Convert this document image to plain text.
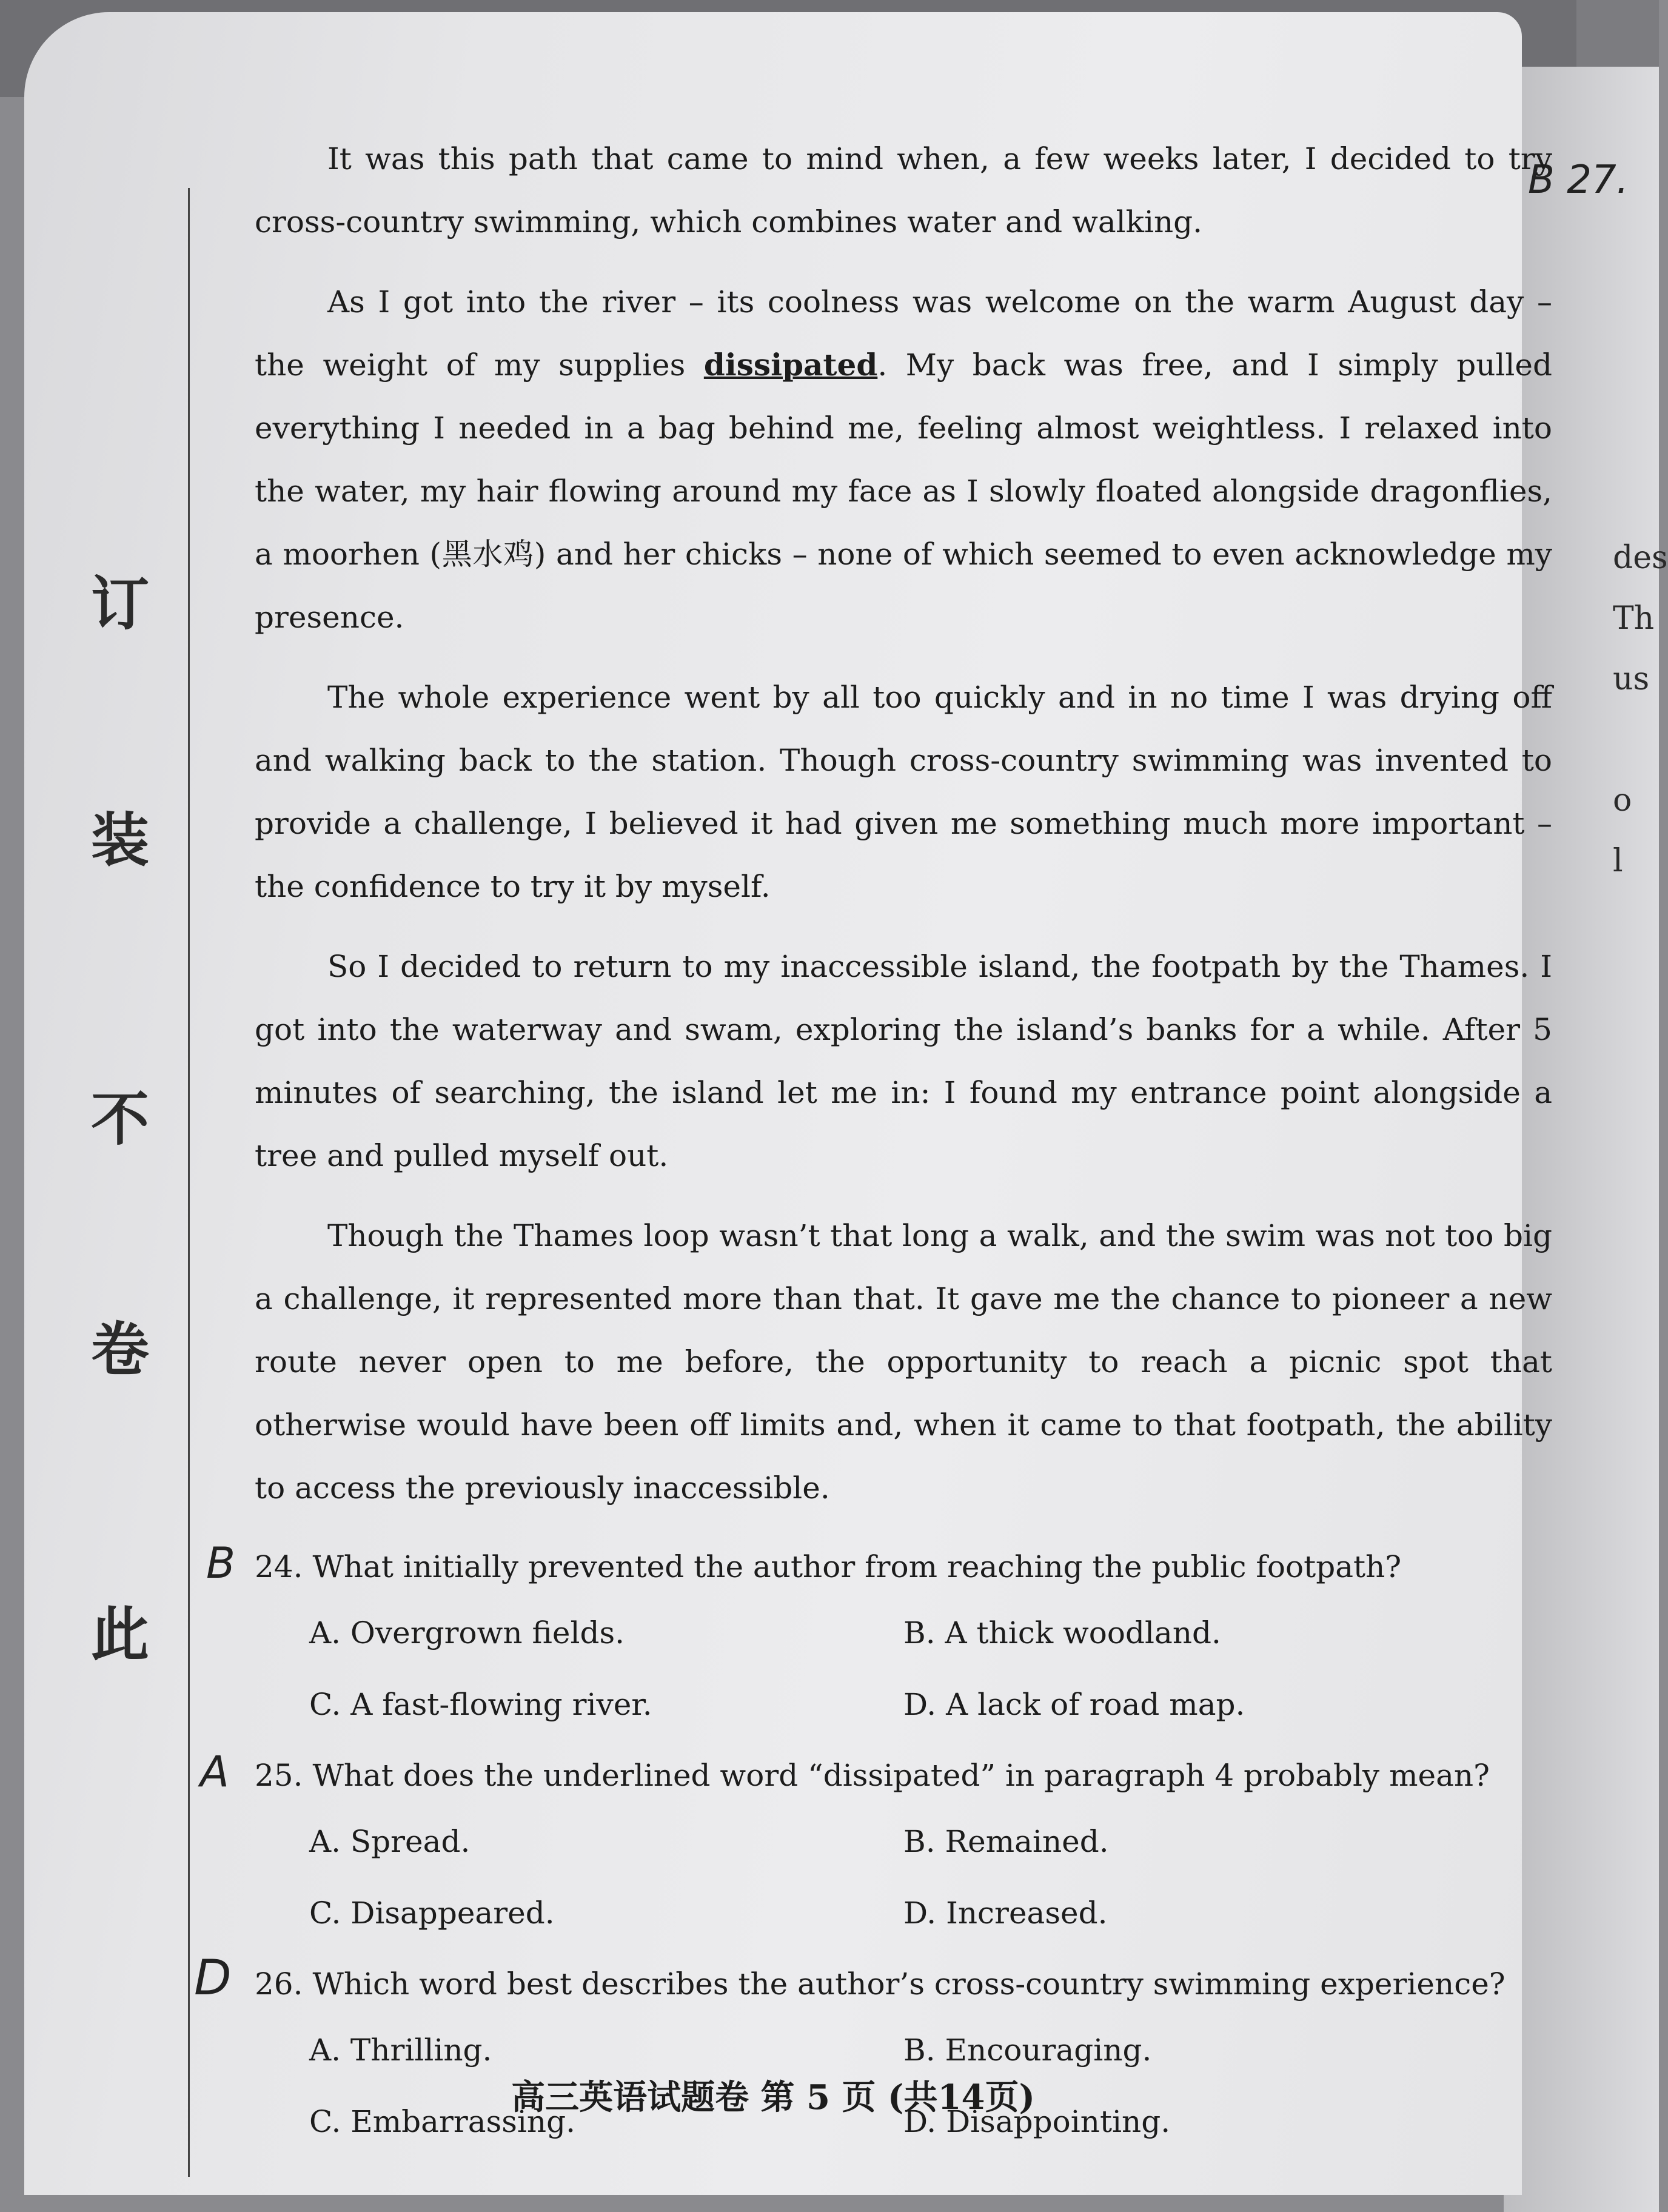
B 27.
des
Th
us
o
l
订
装
不
卷
此

It was this path that came to mind when, a few weeks later, I decided to try cross-country swimming, which combines water and walking.

As I got into the river – its coolness was welcome on the warm August day – the weight of my supplies dissipated. My back was free, and I simply pulled everything I needed in a bag behind me, feeling almost weightless. I relaxed into the water, my hair flowing around my face as I slowly floated alongside dragonflies, a moorhen (黑水鸡) and her chicks – none of which seemed to even acknowledge my presence.

The whole experience went by all too quickly and in no time I was drying off and walking back to the station. Though cross-country swimming was invented to provide a challenge, I believed it had given me something much more important – the confidence to try it by myself.

So I decided to return to my inaccessible island, the footpath by the Thames. I got into the waterway and swam, exploring the island’s banks for a while. After 5 minutes of searching, the island let me in: I found my entrance point alongside a tree and pulled myself out.

Though the Thames loop wasn’t that long a walk, and the swim was not too big a challenge, it represented more than that. It gave me the chance to pioneer a new route never open to me before, the opportunity to reach a picnic spot that otherwise would have been off limits and, when it came to that footpath, the ability to access the previously inaccessible.

B 24. What initially prevented the author from reaching the public footpath?
A. Overgrown fields.	B. A thick woodland.
C. A fast-flowing river.	D. A lack of road map.
A 25. What does the underlined word “dissipated” in paragraph 4 probably mean?
A. Spread.	B. Remained.
C. Disappeared.	D. Increased.
D 26. Which word best describes the author’s cross-country swimming experience?
A. Thrilling.	B. Encouraging.
C. Embarrassing.	D. Disappointing.
高三英语试题卷 第 5 页 (共14页)
